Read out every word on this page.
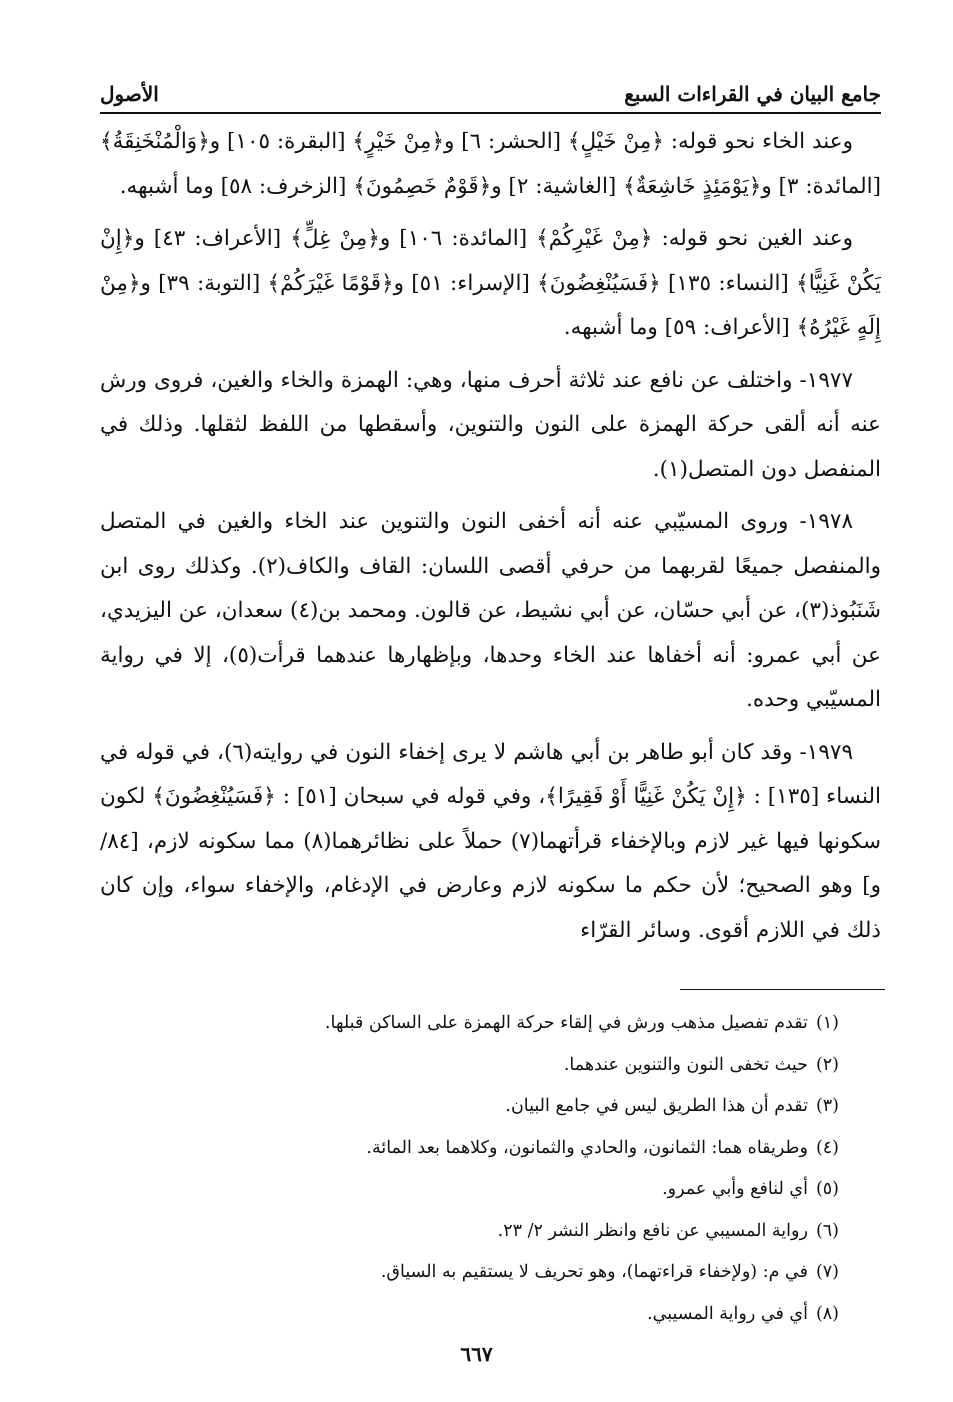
جامع البيان في القراءات السبع
الأصول

وعند الخاء نحو قوله: ﴿مِنْ خَيْلٍ﴾ [الحشر: ٦] و﴿مِنْ خَيْرٍ﴾ [البقرة: ١٠٥] و﴿وَالْمُنْخَنِقَةُ﴾ [المائدة: ٣] و﴿يَوْمَئِذٍ خَاشِعَةٌ﴾ [الغاشية: ٢] و﴿قَوْمٌ خَصِمُونَ﴾ [الزخرف: ٥٨] وما أشبهه.

وعند الغين نحو قوله: ﴿مِنْ غَيْرِكُمْ﴾ [المائدة: ١٠٦] و﴿مِنْ غِلٍّ﴾ [الأعراف: ٤٣] و﴿إِنْ يَكُنْ غَنِيًّا﴾ [النساء: ١٣٥] ﴿فَسَيُنْغِضُونَ﴾ [الإسراء: ٥١] و﴿قَوْمًا غَيْرَكُمْ﴾ [التوبة: ٣٩] و﴿مِنْ إِلَهٍ غَيْرُهُ﴾ [الأعراف: ٥٩] وما أشبهه.

١٩٧٧- واختلف عن نافع عند ثلاثة أحرف منها، وهي: الهمزة والخاء والغين، فروى ورش عنه أنه ألقى حركة الهمزة على النون والتنوين، وأسقطها من اللفظ لثقلها. وذلك في المنفصل دون المتصل(١).

١٩٧٨- وروى المسيّبي عنه أنه أخفى النون والتنوين عند الخاء والغين في المتصل والمنفصل جميعًا لقربهما من حرفي أقصى اللسان: القاف والكاف(٢). وكذلك روى ابن شَنَبُوذ(٣)، عن أبي حسّان، عن أبي نشيط، عن قالون. ومحمد بن(٤) سعدان، عن اليزيدي، عن أبي عمرو: أنه أخفاها عند الخاء وحدها، وبإظهارها عندهما قرأت(٥)، إلا في رواية المسيّبي وحده.

١٩٧٩- وقد كان أبو طاهر بن أبي هاشم لا يرى إخفاء النون في روايته(٦)، في قوله في النساء [١٣٥] : ﴿إِنْ يَكُنْ غَنِيًّا أَوْ فَقِيرًا﴾، وفي قوله في سبحان [٥١] : ﴿فَسَيُنْغِضُونَ﴾ لكون سكونها فيها غير لازم وبالإخفاء قرأتهما(٧) حملاً على نظائرهما(٨) مما سكونه لازم، [٨٤/و] وهو الصحيح؛ لأن حكم ما سكونه لازم وعارض في الإدغام، والإخفاء سواء، وإن كان ذلك في اللازم أقوى. وسائر القرّاء

(١)
تقدم تفصيل مذهب ورش في إلقاء حركة الهمزة على الساكن قبلها.
(٢)
حيث تخفى النون والتنوين عندهما.
(٣)
تقدم أن هذا الطريق ليس في جامع البيان.
(٤)
وطريقاه هما: الثمانون، والحادي والثمانون، وكلاهما بعد المائة.
(٥)
أي لنافع وأبي عمرو.
(٦)
رواية المسيبي عن نافع وانظر النشر ٢/ ٢٣.
(٧)
في م: (ولإخفاء قراءتهما)، وهو تحريف لا يستقيم به السياق.
(٨)
أي في رواية المسيبي.
٦٦٧
